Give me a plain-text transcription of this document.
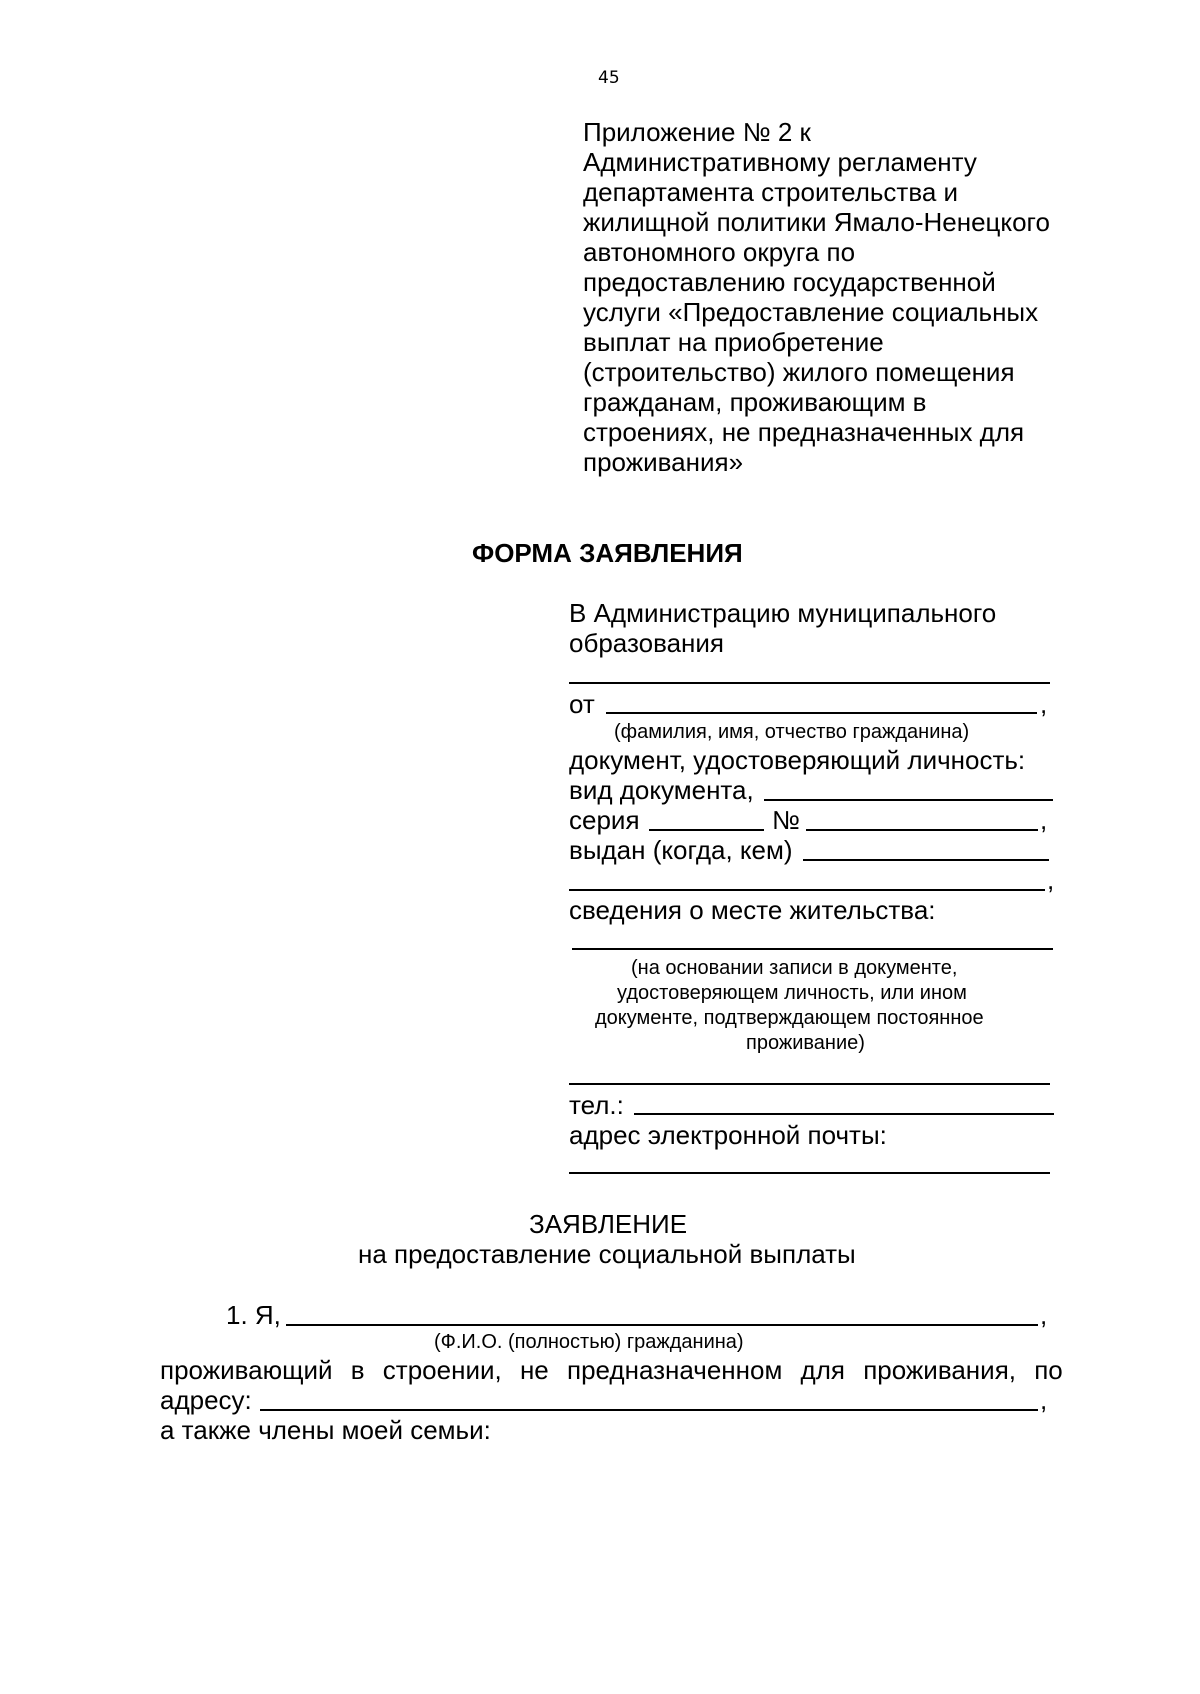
45
Приложение № 2 к
Административному регламенту
департамента строительства и
жилищной политики Ямало-Ненецкого
автономного округа по
предоставлению государственной
услуги «Предоставление социальных
выплат на приобретение
(строительство) жилого помещения
гражданам, проживающим в
строениях, не предназначенных для
проживания»
ФОРМА ЗАЯВЛЕНИЯ
В Администрацию муниципального
образования
от	,
(фамилия, имя, отчество гражданина)
документ, удостоверяющий личность:
вид документа,
серия	№	,
выдан (когда, кем)
,
сведения о месте жительства:
(на основании записи в документе,
удостоверяющем личность, или ином
документе, подтверждающем постоянное
проживание)
тел.:
адрес электронной почты:
ЗАЯВЛЕНИЕ
на предоставление социальной выплаты
1. Я,	,
(Ф.И.О. (полностью) гражданина)
проживающий в строении, не предназначенном для проживания, по
адресу:	,
а также члены моей семьи:
